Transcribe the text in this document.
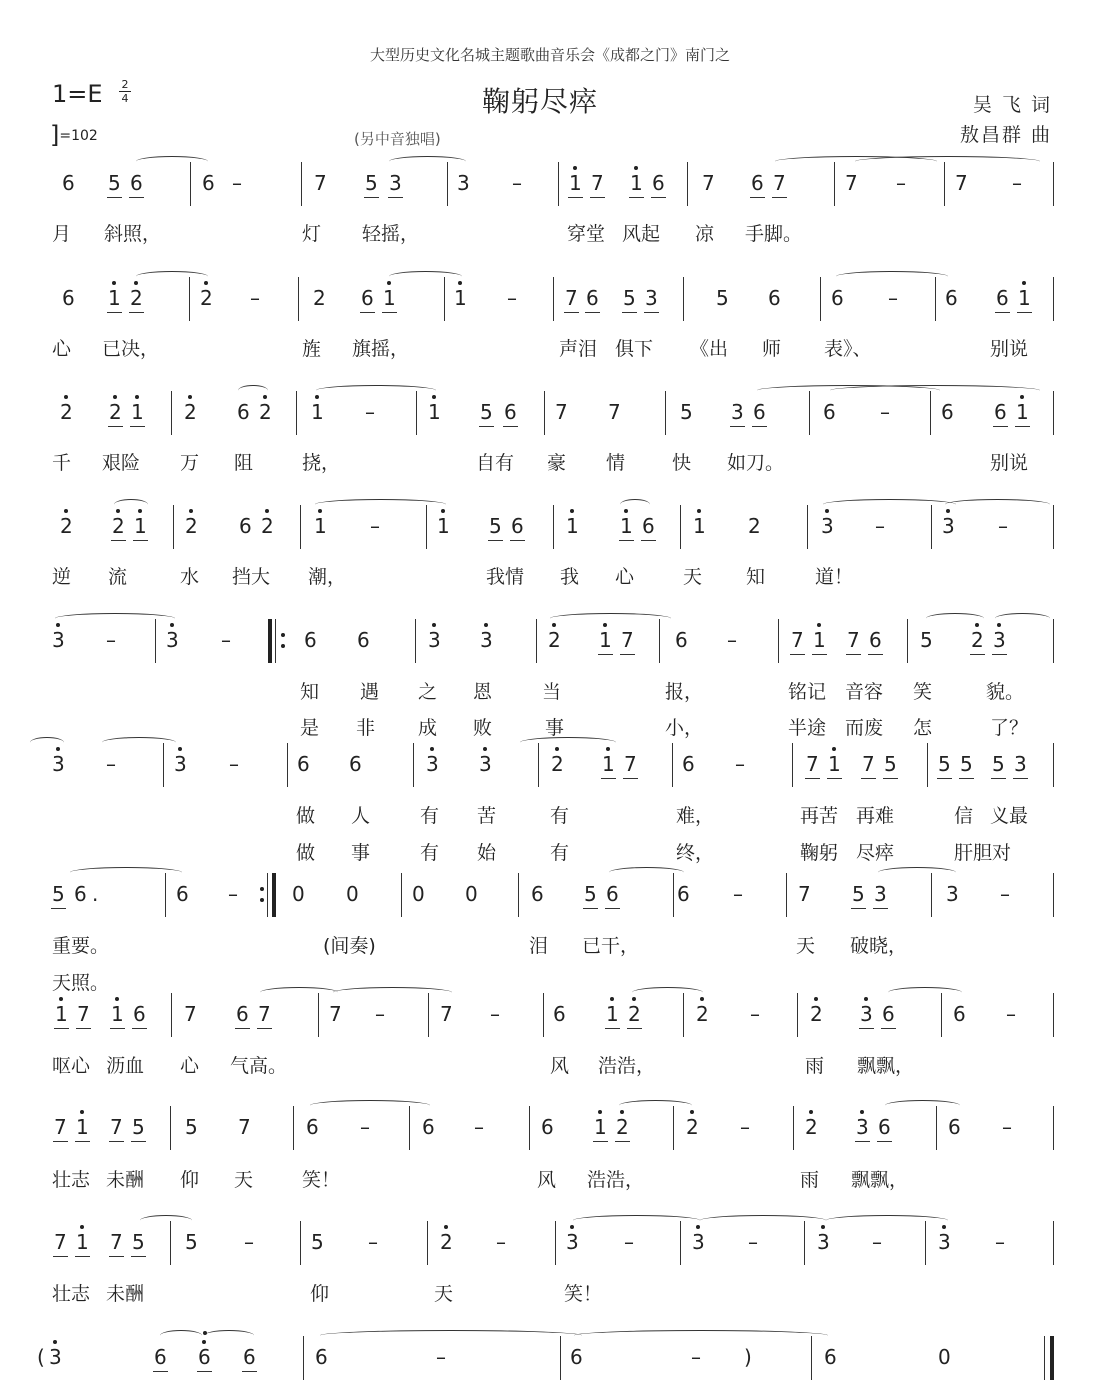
大型历史文化名城主题歌曲音乐会《成都之门》南门之
鞠躬尽瘁
1=E 2
4
]=102	(另中音独唱)
吴 飞 词
敖昌群 曲
6 5 6	6 –	7 5 3	3 – 1 7 1 6 7 6 7	7 – 7 –
6 1 2	2 –	2 6 1	1 – 7 6 5 3	5 6	6 – 6 6 1
2 2 1 2 6 2 1 –	1 5 6 7 7	5 3 6	6 –	6 6 1
2 2 1 2 6 2 1 –	1 5 6 1 1 6 1 2	3 –	3 –
3 –	3 –	6 6	3 3	2 1 7 6 –	7 1 7 6 5 2 3
3 –	3 –	6 6	3 3	2 1 7 6 –	7 1 7 5 5 5 5 3
5 6 .	6 –	0 0	0 0	6 5 6	6 –	7 5 3	3 –
1 7 1 6 7 6 7	7 –	7 –	6 1 2	2 –	2 3 6	6 –
7 1 7 5 5 7	6 –	6 –	6 1 2	2 –	2 3 6	6 –
7 1 7 5 5 –	5 –	2 –	3 –	3 –	3 –	3 –
( 3	6 6 6	6	–	6	– )	6	0
月 斜照，	灯 轻摇，	穿堂 风起 凉 手脚。
心 已决，	旌 旗摇，	声泪 俱下 《出 师 表》、	别说
千 艰险 万 阻	挠，	自有 豪 情 快 如刀。	别说
逆 流	水 挡大 潮，	我情 我 心	天 知	道！
知 遇 之 恩	当	报，	铭记 音容 笑	貌。
是 非 成 败	事	小，	半途 而废 怎	了？
做 人	有 苦	有	难，	再苦 再难	信 义最
做 事	有 始	有	终，	鞠躬 尽瘁	肝胆对
重要。	(间奏)	泪 已干，	天 破晓，
天照。
呕心 沥血 心 气高。	风 浩浩，	雨 飘飘，
壮志 未酬 仰 天	笑！	风 浩浩，	雨 飘飘，
壮志 未酬	仰	天	笑！
